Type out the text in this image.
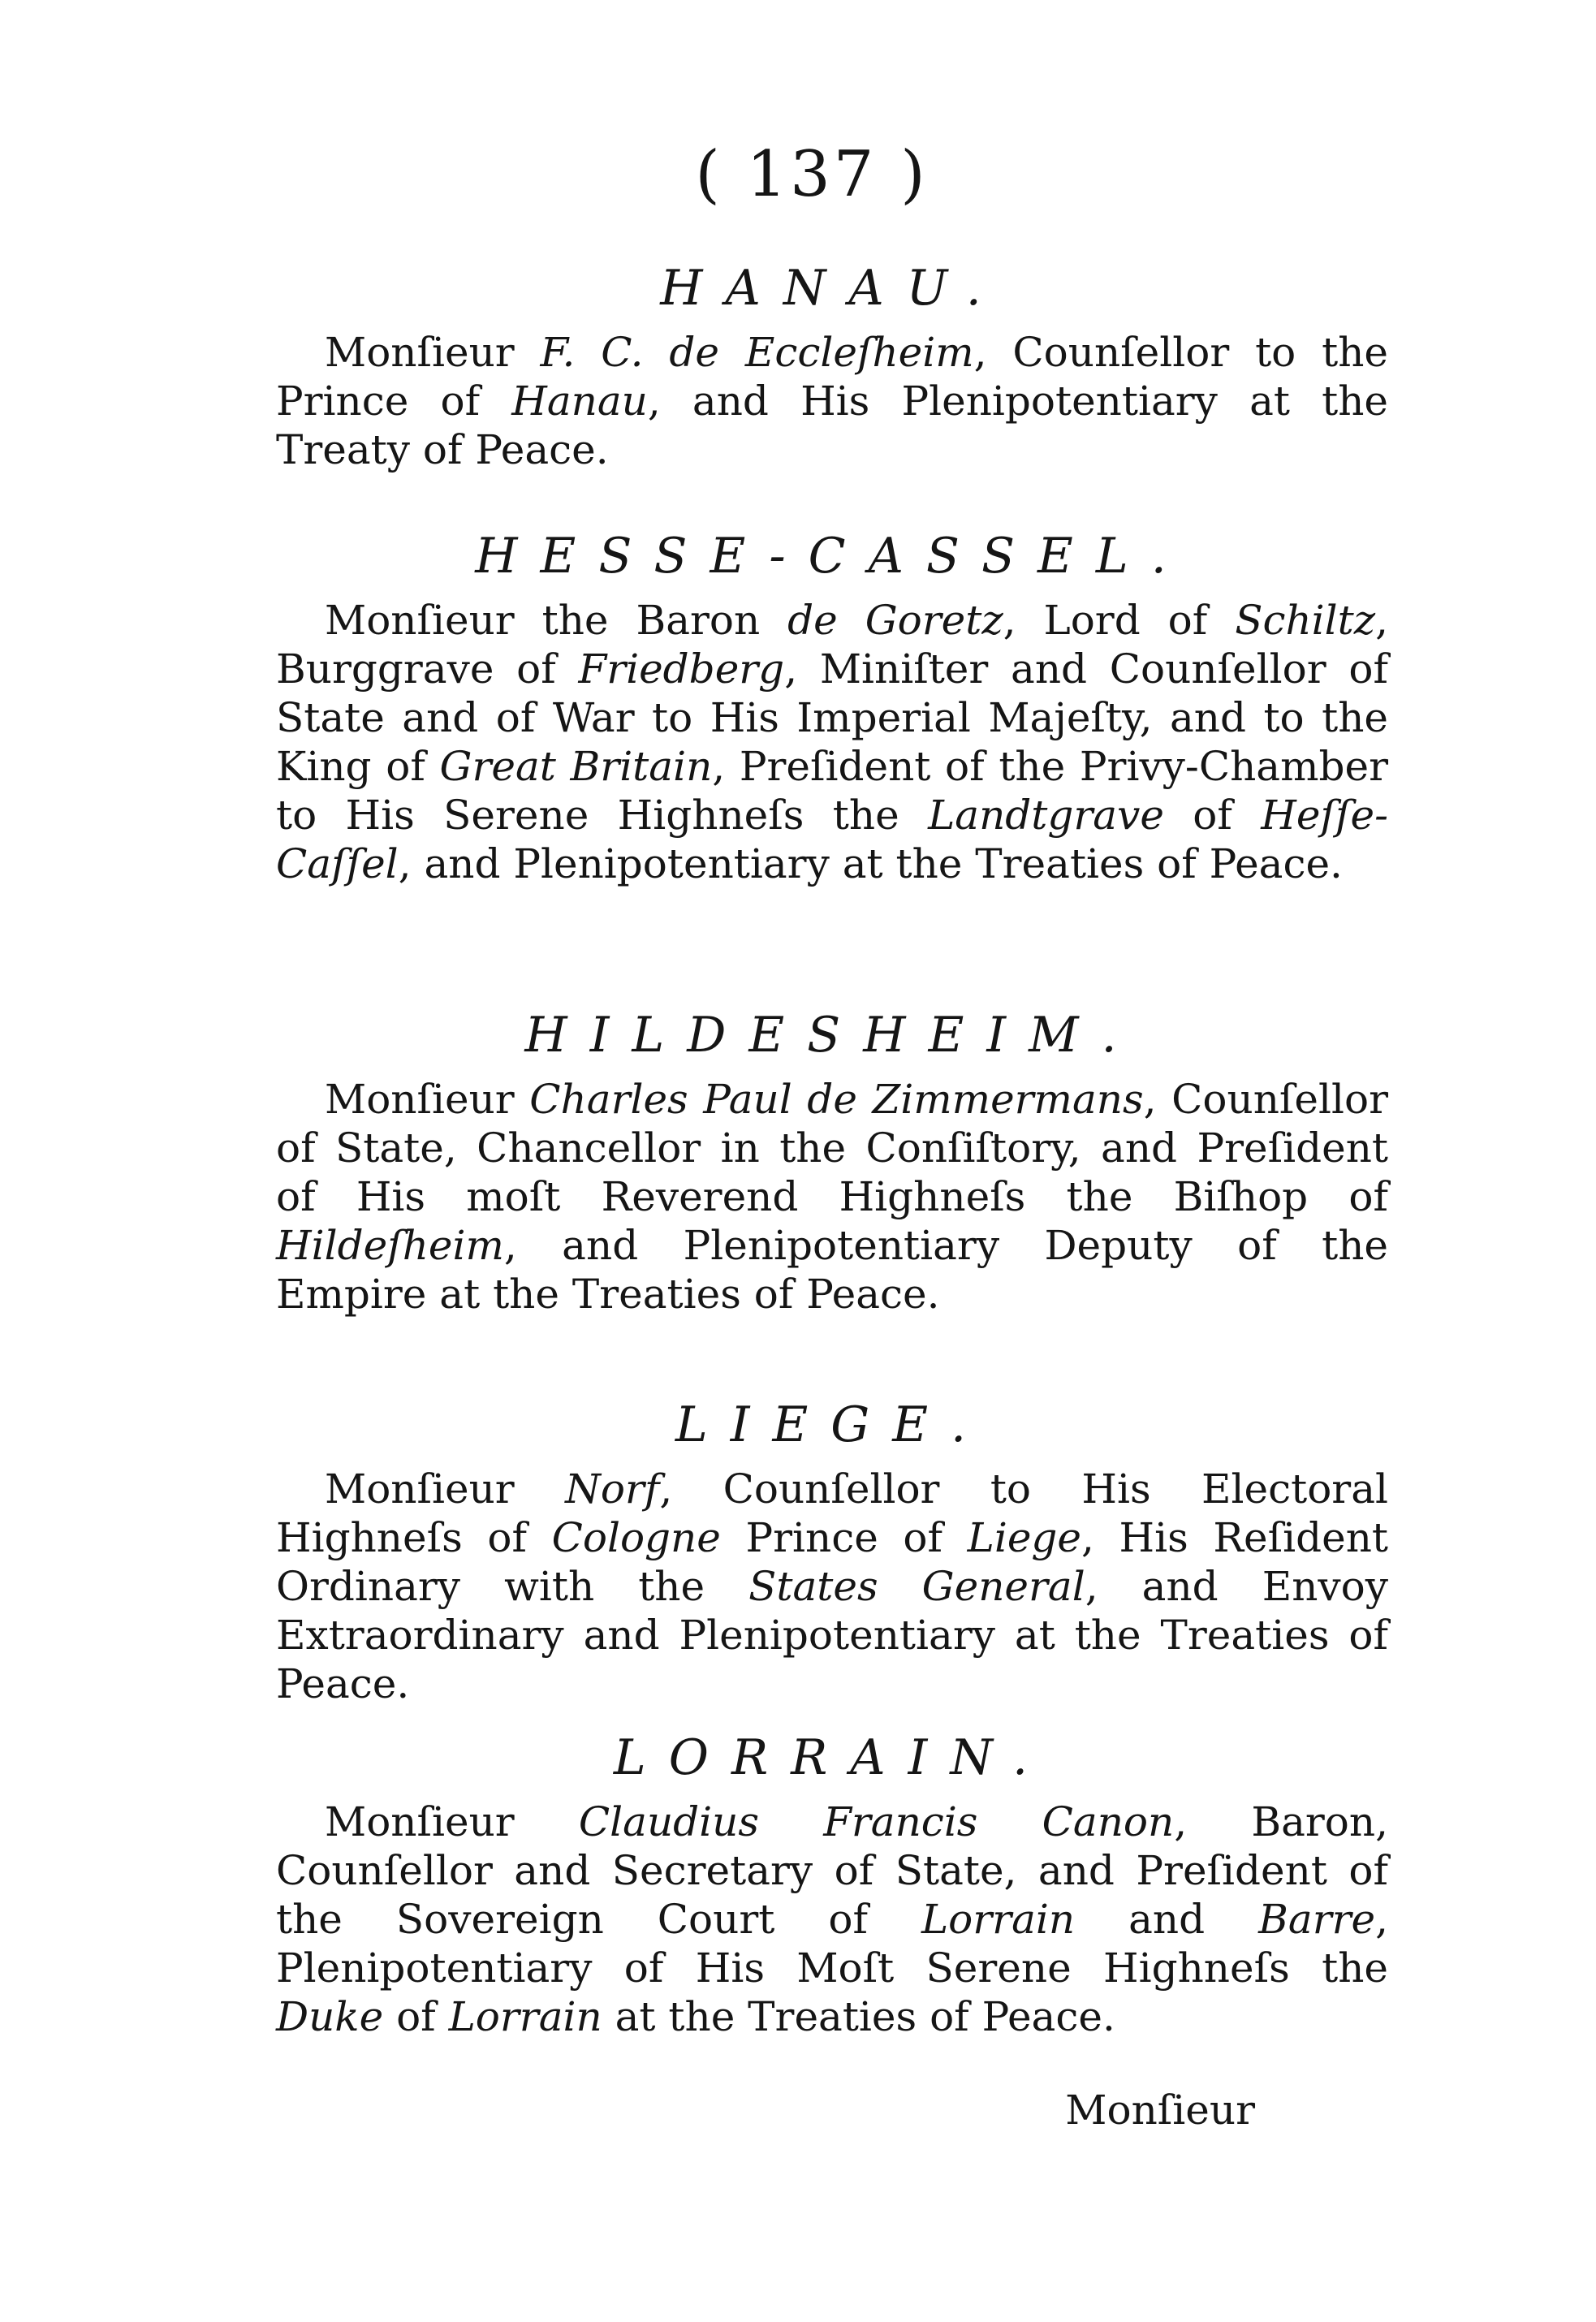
( 137 )
HANAU.

Monſieur F. C. de Eccleſheim, Counſellor to the Prince of Hanau, and His Plenipotentiary at the Treaty of Peace.

HESSE-CASSEL.

Monſieur the Baron de Goretz, Lord of Schiltz, Burggrave of Friedberg, Miniſter and Counſellor of State and of War to His Imperial Majeſty, and to the King of Great Britain, Preſident of the Privy-Chamber to His Serene Highneſs the Landtgrave of Heſſe-Caſſel, and Plenipotentiary at the Treaties of Peace.

HILDESHEIM.

Monſieur Charles Paul de Zimmermans, Counſellor of State, Chancellor in the Conſiſtory, and Preſident of His moſt Reverend Highneſs the Biſhop of Hildeſheim, and Plenipotentiary Deputy of the Empire at the Treaties of Peace.

LIEGE.

Monſieur Norf, Counſellor to His Electoral Highneſs of Cologne Prince of Liege, His Reſident Ordinary with the States General, and Envoy Extraordinary and Plenipotentiary at the Treaties of Peace.

LORRAIN.

Monſieur Claudius Francis Canon, Baron, Counſellor and Secretary of State, and Preſident of the Sovereign Court of Lorrain and Barre, Plenipotentiary of His Moſt Serene Highneſs the Duke of Lorrain at the Treaties of Peace.

Monſieur
